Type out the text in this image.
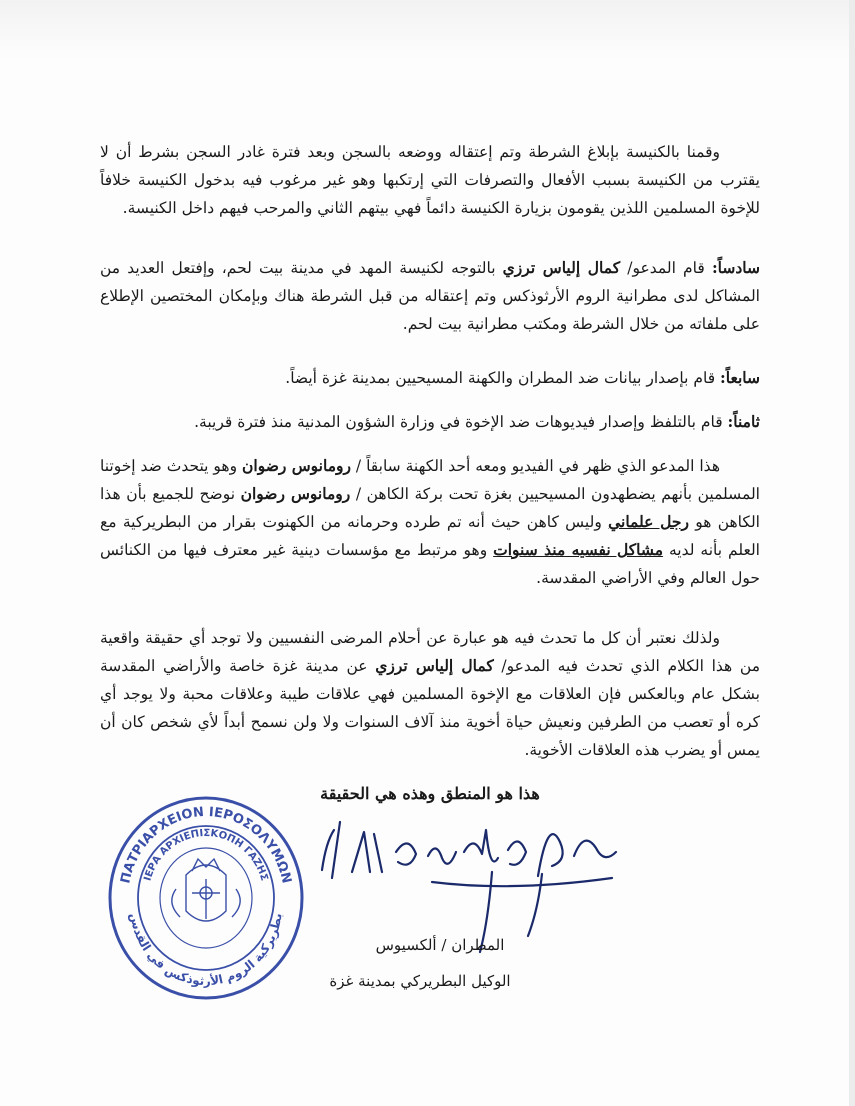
وقمنا بالكنيسة بإبلاغ الشرطة وتم إعتقاله ووضعه بالسجن وبعد فترة غادر السجن بشرط أن لا يقترب من الكنيسة بسبب الأفعال والتصرفات التي إرتكبها وهو غير مرغوب فيه بدخول الكنيسة خلافاً للإخوة المسلمين اللذين يقومون بزيارة الكنيسة دائماً فهي بيتهم الثاني والمرحب فيهم داخل الكنيسة.

سادساً: قام المدعو/ كمال إلياس ترزي بالتوجه لكنيسة المهد في مدينة بيت لحم، وإفتعل العديد من المشاكل لدى مطرانية الروم الأرثوذكس وتم إعتقاله من قبل الشرطة هناك وبإمكان المختصين الإطلاع على ملفاته من خلال الشرطة ومكتب مطرانية بيت لحم.

سابعاً: قام بإصدار بيانات ضد المطران والكهنة المسيحيين بمدينة غزة أيضاً.

ثامناً: قام بالتلفظ وإصدار فيديوهات ضد الإخوة في وزارة الشؤون المدنية منذ فترة قريبة.

هذا المدعو الذي ظهر في الفيديو ومعه أحد الكهنة سابقاً / رومانوس رضوان وهو يتحدث ضد إخوتنا المسلمين بأنهم يضطهدون المسيحيين بغزة تحت بركة الكاهن / رومانوس رضوان نوضح للجميع بأن هذا الكاهن هو رجل علماني وليس كاهن حيث أنه تم طرده وحرمانه من الكهنوت بقرار من البطريركية مع العلم بأنه لديه مشاكل نفسيه منذ سنوات وهو مرتبط مع مؤسسات دينية غير معترف فيها من الكنائس حول العالم وفي الأراضي المقدسة.

ولذلك نعتبر أن كل ما تحدث فيه هو عبارة عن أحلام المرضى النفسيين ولا توجد أي حقيقة واقعية من هذا الكلام الذي تحدث فيه المدعو/ كمال إلياس ترزي عن مدينة غزة خاصة والأراضي المقدسة بشكل عام وبالعكس فإن العلاقات مع الإخوة المسلمين فهي علاقات طيبة وعلاقات محبة ولا يوجد أي كره أو تعصب من الطرفين ونعيش حياة أخوية منذ آلاف السنوات ولا ولن نسمح أبداً لأي شخص كان أن يمس أو يضرب هذه العلاقات الأخوية.

هذا هو المنطق وهذه هي الحقيقة
ΠΑΤΡΙΑΡΧΕΙΟΝ ΙΕΡΟΣΟΛΥΜΩΝ
ΙΕΡΑ ΑΡΧΙΕΠΙΣΚΟΠΗ ΓΑΖΗΣ
بطريركية الروم الأرثوذكس في القدس
المطران / ألكسيوس
الوكيل البطريركي بمدينة غزة
